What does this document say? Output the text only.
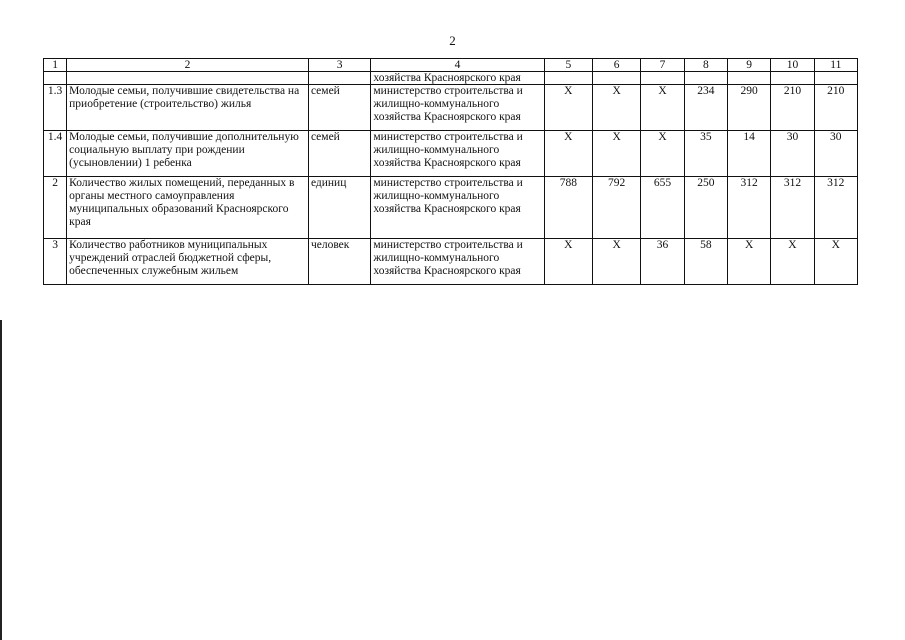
2
1	2	3	4	5	6	7	8	9	10	11
			хозяйства Красноярского края							
1.3	Молодые семьи, получившие свидетельства на приобретение (строительство) жилья	семей	министерство строительства и жилищно-коммунального хозяйства Красноярского края	X	X	X	234	290	210	210
1.4	Молодые семьи, получившие дополнительную социальную выплату при рождении (усыновлении) 1 ребенка	семей	министерство строительства и жилищно-коммунального хозяйства Красноярского края	X	X	X	35	14	30	30
2	Количество жилых помещений, переданных в органы местного самоуправления муниципальных образований Красноярского края	единиц	министерство строительства и жилищно-коммунального хозяйства Красноярского края	788	792	655	250	312	312	312
3	Количество работников муниципальных учреждений отраслей бюджетной сферы, обеспеченных служебным жильем	человек	министерство строительства и жилищно-коммунального хозяйства Красноярского края	X	X	36	58	X	X	X
